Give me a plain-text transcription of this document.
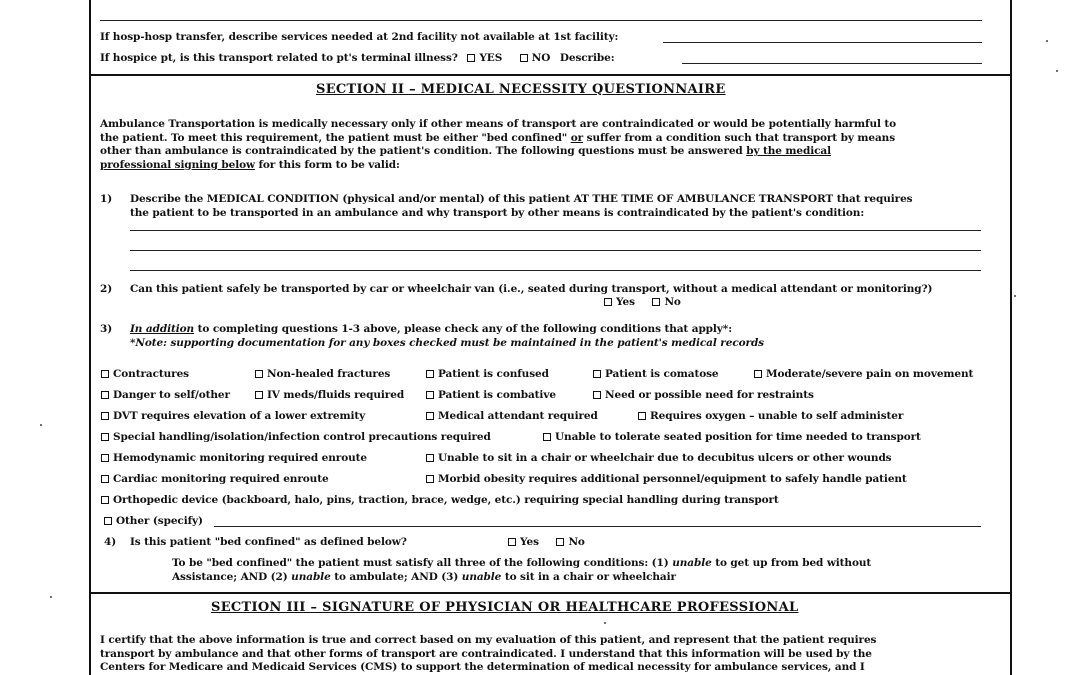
If hosp-hosp transfer, describe services needed at 2nd facility not available at 1st facility:
If hospice pt, is this transport related to pt's terminal illness? YES	NO Describe:
SECTION II – MEDICAL NECESSITY QUESTIONNAIRE
Ambulance Transportation is medically necessary only if other means of transport are contraindicated or would be potentially harmful to
the patient. To meet this requirement, the patient must be either "bed confined" or suffer from a condition such that transport by means
other than ambulance is contraindicated by the patient's condition. The following questions must be answered by the medical
professional signing below for this form to be valid:
1) Describe the MEDICAL CONDITION (physical and/or mental) of this patient AT THE TIME OF AMBULANCE TRANSPORT that requires
the patient to be transported in an ambulance and why transport by other means is contraindicated by the patient's condition:
2) Can this patient safely be transported by car or wheelchair van (i.e., seated during transport, without a medical attendant or monitoring?)
Yes	No
3) In addition to completing questions 1-3 above, please check any of the following conditions that apply*:
*Note: supporting documentation for any boxes checked must be maintained in the patient's medical records
Contractures	Non-healed fractures	Patient is confused	Patient is comatose	Moderate/severe pain on movement
Danger to self/other	IV meds/fluids required	Patient is combative	Need or possible need for restraints
DVT requires elevation of a lower extremity	Medical attendant required	Requires oxygen – unable to self administer
Special handling/isolation/infection control precautions required	Unable to tolerate seated position for time needed to transport
Hemodynamic monitoring required enroute	Unable to sit in a chair or wheelchair due to decubitus ulcers or other wounds
Cardiac monitoring required enroute	Morbid obesity requires additional personnel/equipment to safely handle patient
Orthopedic device (backboard, halo, pins, traction, brace, wedge, etc.) requiring special handling during transport
Other (specify)
4) Is this patient "bed confined" as defined below?	Yes	No
To be "bed confined" the patient must satisfy all three of the following conditions: (1) unable to get up from bed without
Assistance; AND (2) unable to ambulate; AND (3) unable to sit in a chair or wheelchair
SECTION III – SIGNATURE OF PHYSICIAN OR HEALTHCARE PROFESSIONAL
I certify that the above information is true and correct based on my evaluation of this patient, and represent that the patient requires
transport by ambulance and that other forms of transport are contraindicated. I understand that this information will be used by the
Centers for Medicare and Medicaid Services (CMS) to support the determination of medical necessity for ambulance services, and I
